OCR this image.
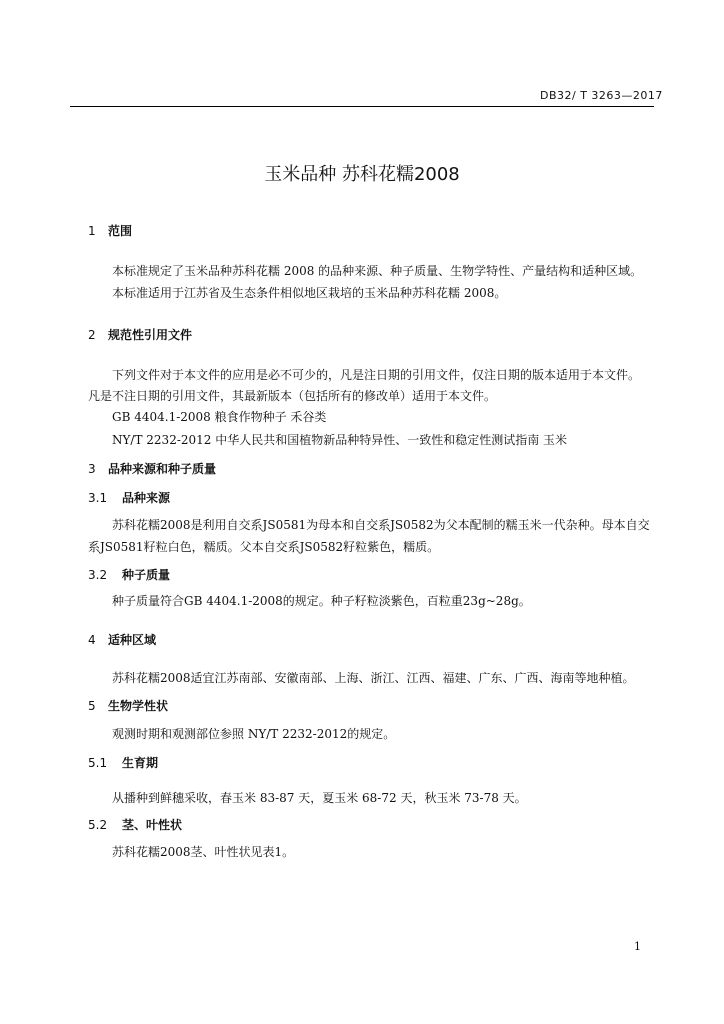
DB32/ T 3263—2017
玉米品种 苏科花糯2008
1 范围
本标准规定了玉米品种苏科花糯 2008 的品种来源、种子质量、生物学特性、产量结构和适种区域。
本标准适用于江苏省及生态条件相似地区栽培的玉米品种苏科花糯 2008。
2 规范性引用文件
下列文件对于本文件的应用是必不可少的，凡是注日期的引用文件，仅注日期的版本适用于本文件。
凡是不注日期的引用文件，其最新版本（包括所有的修改单）适用于本文件。
GB 4404.1-2008 粮食作物种子 禾谷类
NY/T 2232-2012 中华人民共和国植物新品种特异性、一致性和稳定性测试指南 玉米
3 品种来源和种子质量
3.1 品种来源
苏科花糯2008是利用自交系JS0581为母本和自交系JS0582为父本配制的糯玉米一代杂种。母本自交
系JS0581籽粒白色，糯质。父本自交系JS0582籽粒紫色，糯质。
3.2 种子质量
种子质量符合GB 4404.1-2008的规定。种子籽粒淡紫色，百粒重23g~28g。
4 适种区域
苏科花糯2008适宜江苏南部、安徽南部、上海、浙江、江西、福建、广东、广西、海南等地种植。
5 生物学性状
观测时期和观测部位参照 NY/T 2232-2012的规定。
5.1 生育期
从播种到鲜穗采收，春玉米 83-87 天，夏玉米 68-72 天，秋玉米 73-78 天。
5.2 茎、叶性状
苏科花糯2008茎、叶性状见表1。
1
